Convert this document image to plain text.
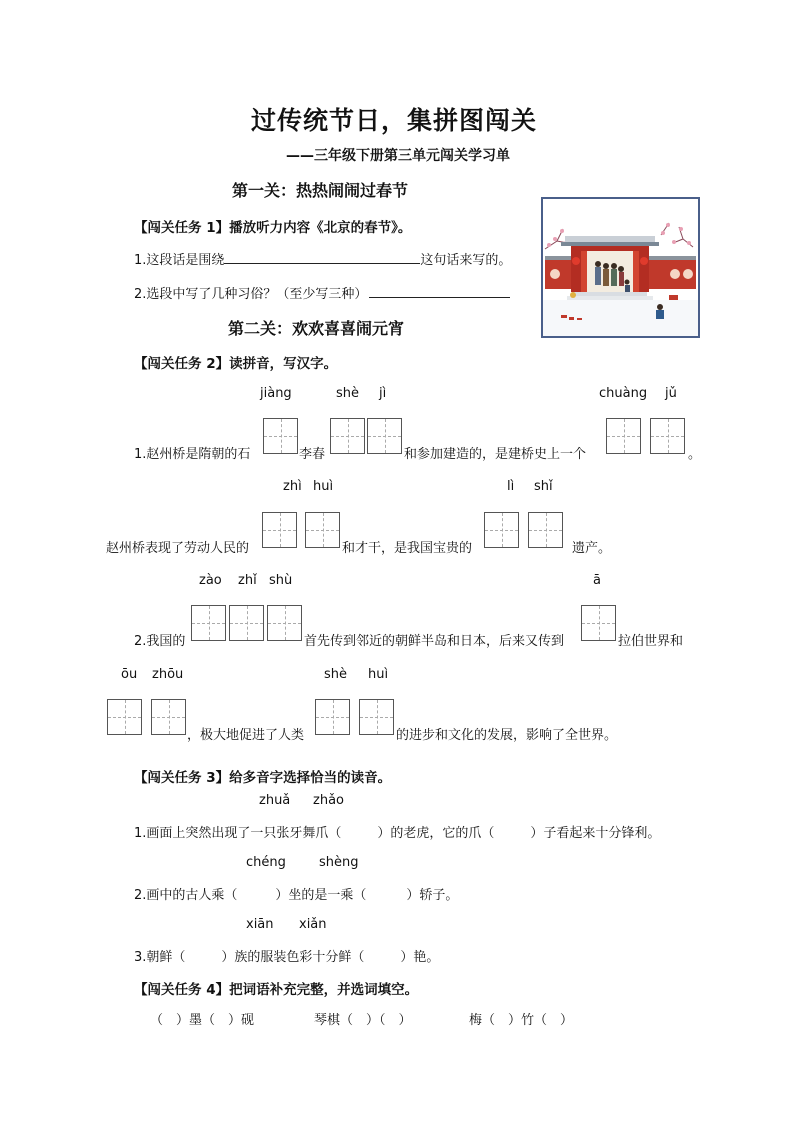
过传统节日，集拼图闯关
——三年级下册第三单元闯关学习单
第一关：热热闹闹过春节
【闯关任务 1】播放听力内容《北京的春节》。
1.这段话是围绕	这句话来写的。
2.选段中写了几种习俗？（至少写三种）
第二关：欢欢喜喜闹元宵
【闯关任务 2】读拼音，写汉字。
jiàng	shè jì	chuàng jǔ
1.赵州桥是隋朝的石	李春	和参加建造的，是建桥史上一个	。
zhì huì	lì shǐ
赵州桥表现了劳动人民的	和才干，是我国宝贵的	遗产。
zào zhǐ shù	ā
2.我国的	首先传到邻近的朝鲜半岛和日本，后来又传到	拉伯世界和
ōu zhōu	shè huì
，极大地促进了人类	的进步和文化的发展，影响了全世界。
【闯关任务 3】给多音字选择恰当的读音。
zhuǎ zhǎo
1.画面上突然出现了一只张牙舞爪（	）的老虎，它的爪（	）子看起来十分锋利。
chéng	shèng
2.画中的古人乘（	）坐的是一乘（	）轿子。
xiān xiǎn
3.朝鲜（	）族的服装色彩十分鲜（	）艳。
【闯关任务 4】把词语补充完整，并选词填空。
（　）墨（　）砚	琴棋（　）（　）	梅（　）竹（　）
